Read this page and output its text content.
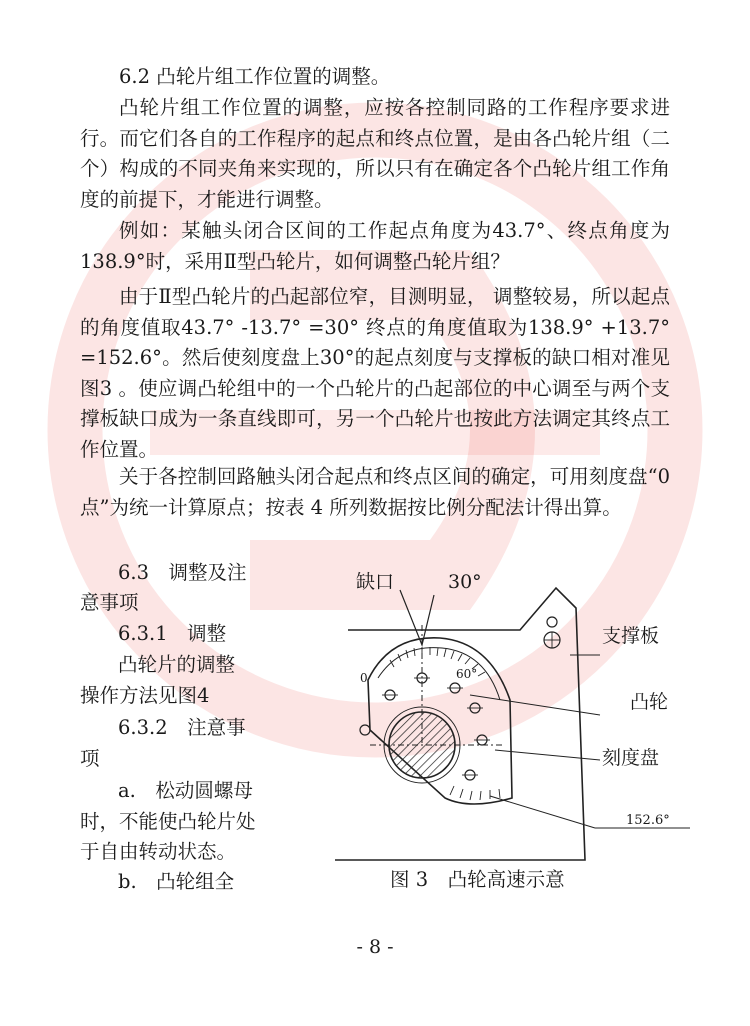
6.2 凸轮片组工作位置的调整。

凸轮片组工作位置的调整，应按各控制同路的工作程序要求进行。而它们各自的工作程序的起点和终点位置，是由各凸轮片组（二个）构成的不同夹角来实现的，所以只有在确定各个凸轮片组工作角度的前提下，才能进行调整。

例如：某触头闭合区间的工作起点角度为43.7°、终点角度为138.9°时，采用Ⅱ型凸轮片，如何调整凸轮片组？

由于Ⅱ型凸轮片的凸起部位窄，目测明显， 调整较易，所以起点的角度值取43.7° -13.7° =30° 终点的角度值取为138.9° +13.7° =152.6°。然后使刻度盘上30°的起点刻度与支撑板的缺口相对准见图3 。使应调凸轮组中的一个凸轮片的凸起部位的中心调至与两个支撑板缺口成为一条直线即可，另一个凸轮片也按此方法调定其终点工作位置。

关于各控制回路触头闭合起点和终点区间的确定，可用刻度盘“0点”为统一计算原点；按表 4 所列数据按比例分配法计得出算。

6.3　调整及注
意事项
6.3.1　调整
凸轮片的调整
操作方法见图4
6.3.2　注意事
项
a.　松动圆螺母
时，不能使凸轮片处
于自由转动状态。
b.　凸轮组全
缺口	30°
60°
0
支撑板
凸轮
刻度盘
152.6°
图 3　凸轮高速示意
- 8 -
